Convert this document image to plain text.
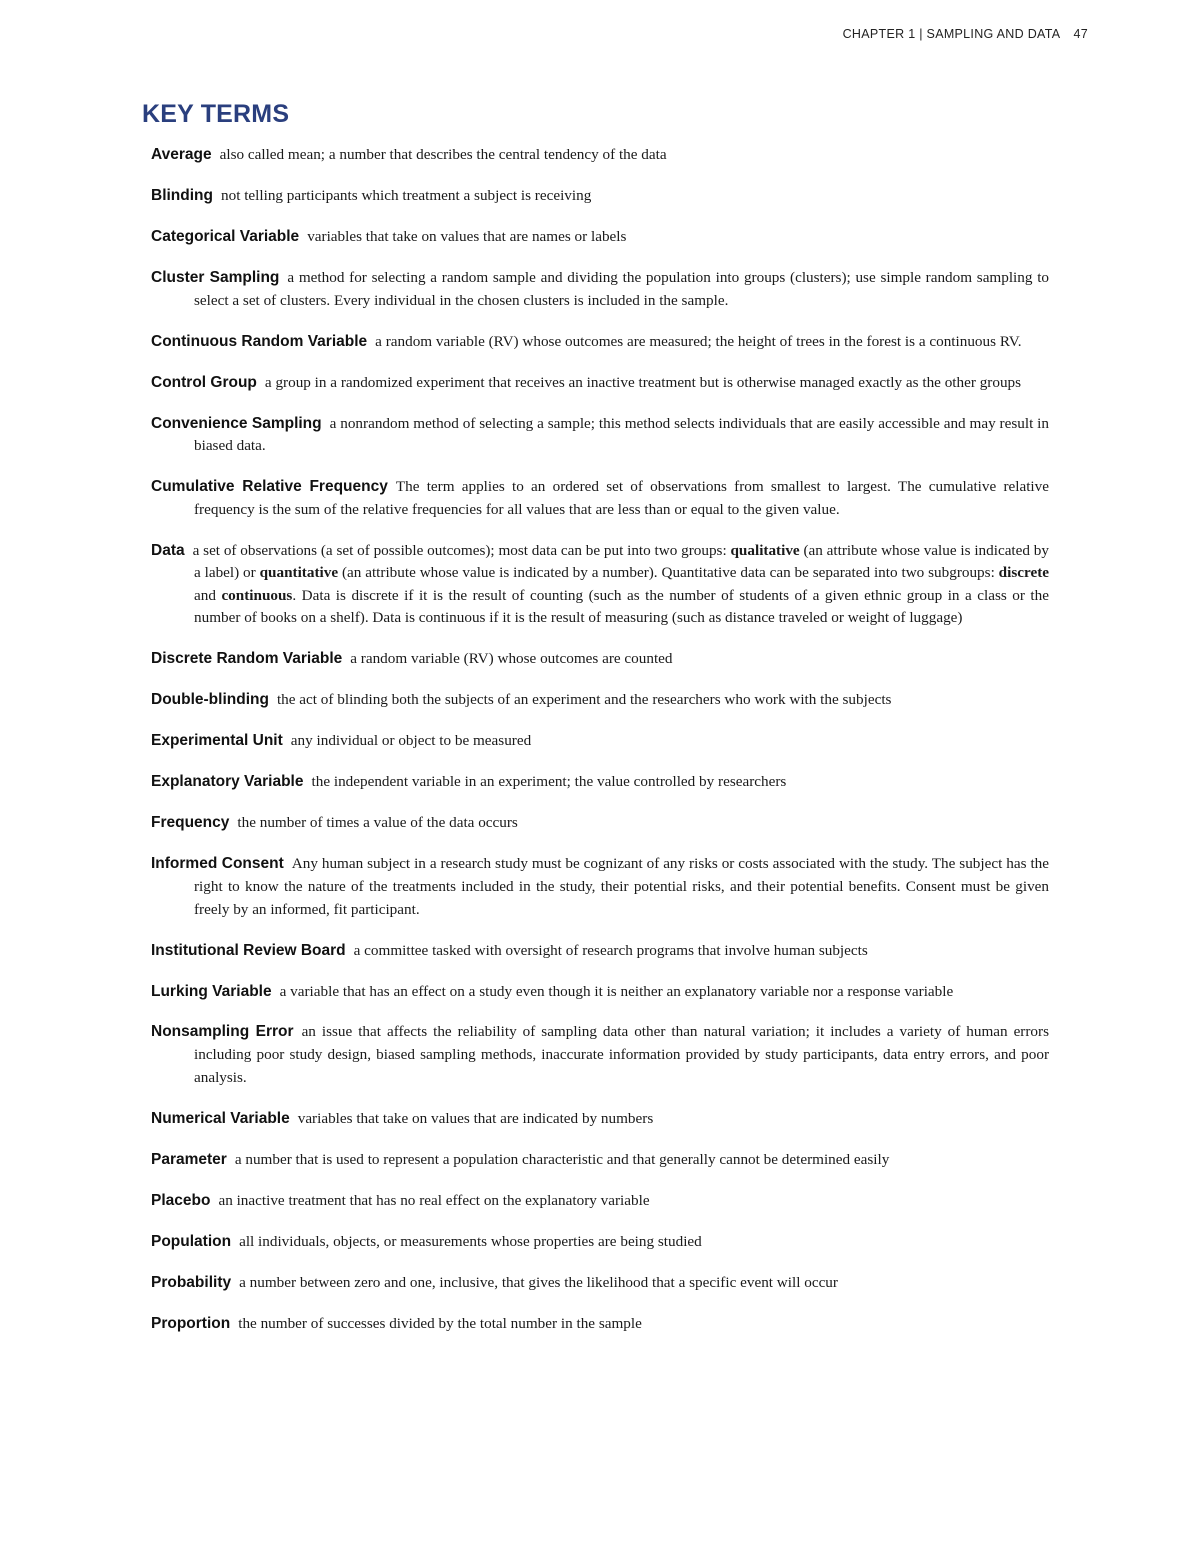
CHAPTER 1 | SAMPLING AND DATA 47
KEY TERMS
Average also called mean; a number that describes the central tendency of the data
Blinding not telling participants which treatment a subject is receiving
Categorical Variable variables that take on values that are names or labels
Cluster Sampling a method for selecting a random sample and dividing the population into groups (clusters); use simple random sampling to select a set of clusters. Every individual in the chosen clusters is included in the sample.
Continuous Random Variable a random variable (RV) whose outcomes are measured; the height of trees in the forest is a continuous RV.
Control Group a group in a randomized experiment that receives an inactive treatment but is otherwise managed exactly as the other groups
Convenience Sampling a nonrandom method of selecting a sample; this method selects individuals that are easily accessible and may result in biased data.
Cumulative Relative Frequency The term applies to an ordered set of observations from smallest to largest. The cumulative relative frequency is the sum of the relative frequencies for all values that are less than or equal to the given value.
Data a set of observations (a set of possible outcomes); most data can be put into two groups: qualitative (an attribute whose value is indicated by a label) or quantitative (an attribute whose value is indicated by a number). Quantitative data can be separated into two subgroups: discrete and continuous. Data is discrete if it is the result of counting (such as the number of students of a given ethnic group in a class or the number of books on a shelf). Data is continuous if it is the result of measuring (such as distance traveled or weight of luggage)
Discrete Random Variable a random variable (RV) whose outcomes are counted
Double-blinding the act of blinding both the subjects of an experiment and the researchers who work with the subjects
Experimental Unit any individual or object to be measured
Explanatory Variable the independent variable in an experiment; the value controlled by researchers
Frequency the number of times a value of the data occurs
Informed Consent Any human subject in a research study must be cognizant of any risks or costs associated with the study. The subject has the right to know the nature of the treatments included in the study, their potential risks, and their potential benefits. Consent must be given freely by an informed, fit participant.
Institutional Review Board a committee tasked with oversight of research programs that involve human subjects
Lurking Variable a variable that has an effect on a study even though it is neither an explanatory variable nor a response variable
Nonsampling Error an issue that affects the reliability of sampling data other than natural variation; it includes a variety of human errors including poor study design, biased sampling methods, inaccurate information provided by study participants, data entry errors, and poor analysis.
Numerical Variable variables that take on values that are indicated by numbers
Parameter a number that is used to represent a population characteristic and that generally cannot be determined easily
Placebo an inactive treatment that has no real effect on the explanatory variable
Population all individuals, objects, or measurements whose properties are being studied
Probability a number between zero and one, inclusive, that gives the likelihood that a specific event will occur
Proportion the number of successes divided by the total number in the sample
